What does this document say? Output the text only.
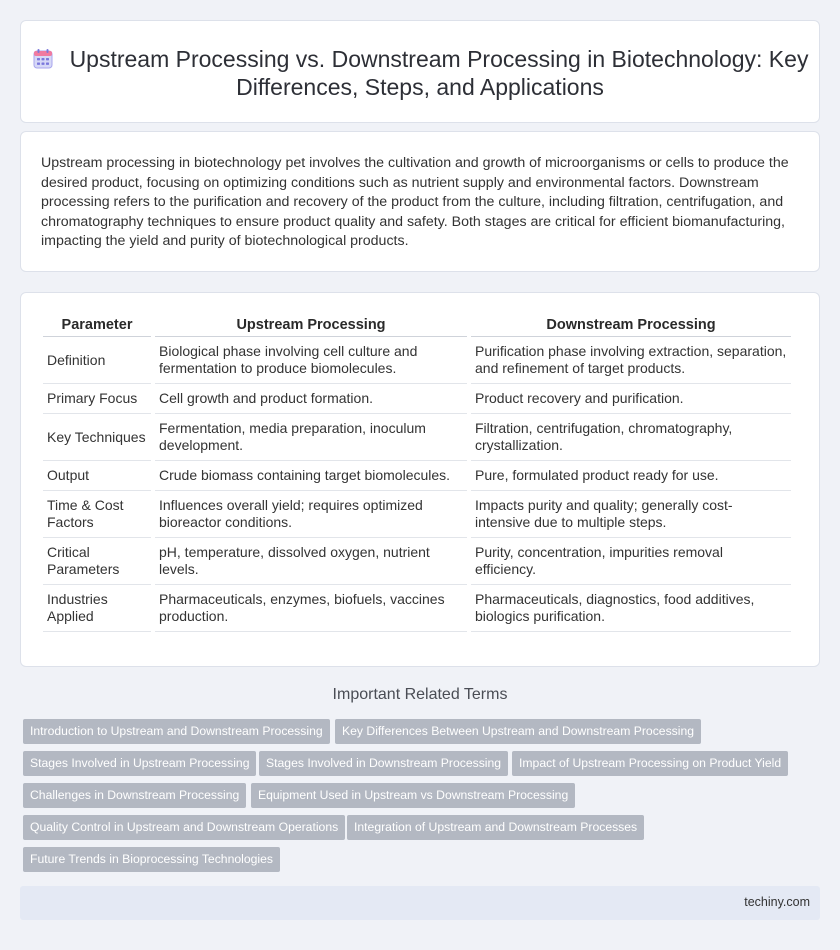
Upstream Processing vs. Downstream Processing in Biotechnology: Key Differences, Steps, and Applications

Upstream processing in biotechnology pet involves the cultivation and growth of microorganisms or cells to produce the desired product, focusing on optimizing conditions such as nutrient supply and environmental factors. Downstream processing refers to the purification and recovery of the product from the culture, including filtration, centrifugation, and chromatography techniques to ensure product quality and safety. Both stages are critical for efficient biomanufacturing, impacting the yield and purity of biotechnological products.

Parameter	Upstream Processing	Downstream Processing
Definition	Biological phase involving cell culture and fermentation to produce biomolecules.	Purification phase involving extraction, separation, and refinement of target products.
Primary Focus	Cell growth and product formation.	Product recovery and purification.
Key Techniques	Fermentation, media preparation, inoculum development.	Filtration, centrifugation, chromatography, crystallization.
Output	Crude biomass containing target biomolecules.	Pure, formulated product ready for use.
Time & Cost Factors	Influences overall yield; requires optimized bioreactor conditions.	Impacts purity and quality; generally cost-intensive due to multiple steps.
Critical Parameters	pH, temperature, dissolved oxygen, nutrient levels.	Purity, concentration, impurities removal efficiency.
Industries Applied	Pharmaceuticals, enzymes, biofuels, vaccines production.	Pharmaceuticals, diagnostics, food additives, biologics purification.
Important Related Terms
Introduction to Upstream and Downstream Processing	Key Differences Between Upstream and Downstream Processing
Stages Involved in Upstream Processing	Stages Involved in Downstream Processing	Impact of Upstream Processing on Product Yield
Challenges in Downstream Processing	Equipment Used in Upstream vs Downstream Processing
Quality Control in Upstream and Downstream Operations	Integration of Upstream and Downstream Processes
Future Trends in Bioprocessing Technologies
techiny.com
